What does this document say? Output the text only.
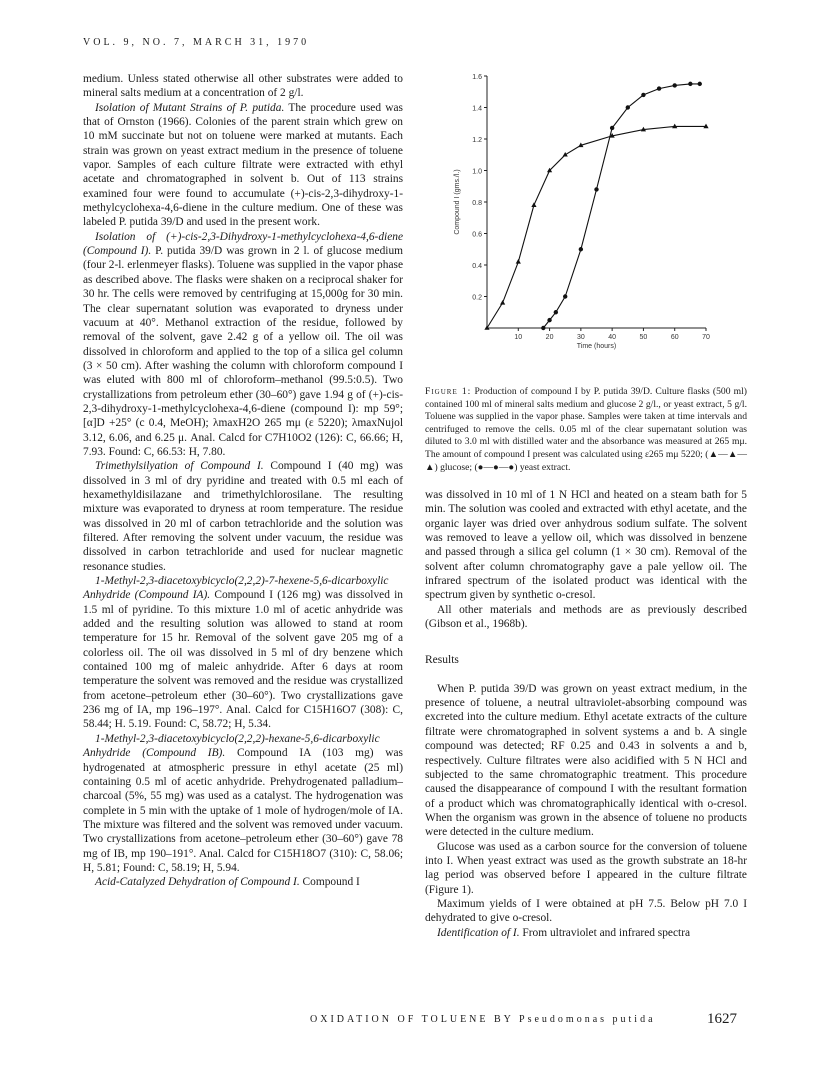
VOL. 9, NO. 7, MARCH 31, 1970

medium. Unless stated otherwise all other substrates were added to mineral salts medium at a concentration of 2 g/l.

Isolation of Mutant Strains of P. putida. The procedure used was that of Ornston (1966). Colonies of the parent strain which grew on 10 mM succinate but not on toluene were marked at mutants. Each strain was grown on yeast extract medium in the presence of toluene vapor. Samples of each culture filtrate were extracted with ethyl acetate and chromatographed in solvent b. Out of 113 strains examined four were found to accumulate (+)-cis-2,3-dihydroxy-1-methylcyclohexa-4,6-diene in the culture medium. One of these was labeled P. putida 39/D and used in the present work.

Isolation of (+)-cis-2,3-Dihydroxy-1-methylcyclohexa-4,6-diene (Compound I). P. putida 39/D was grown in 2 l. of glucose medium (four 2-l. erlenmeyer flasks). Toluene was supplied in the vapor phase as described above. The flasks were shaken on a reciprocal shaker for 30 hr. The cells were removed by centrifuging at 15,000g for 30 min. The clear supernatant solution was evaporated to dryness under vacuum at 40°. Methanol extraction of the residue, followed by removal of the solvent, gave 2.42 g of a yellow oil. The oil was dissolved in chloroform and applied to the top of a silica gel column (3 × 50 cm). After washing the column with chloroform compound I was eluted with 800 ml of chloroform–methanol (99.5:0.5). Two crystallizations from petroleum ether (30–60°) gave 1.94 g of (+)-cis-2,3-dihydroxy-1-methylcyclohexa-4,6-diene (compound I): mp 59°; [α]D +25° (c 0.4, MeOH); λmaxH2O 265 mμ (ε 5220); λmaxNujol 3.12, 6.06, and 6.25 μ. Anal. Calcd for C7H10O2 (126): C, 66.66; H, 7.93. Found: C, 66.53: H, 7.80.

Trimethylsilyation of Compound I. Compound I (40 mg) was dissolved in 3 ml of dry pyridine and treated with 0.5 ml each of hexamethyldisilazane and trimethylchlorosilane. The resulting mixture was evaporated to dryness at room temperature. The residue was dissolved in 20 ml of carbon tetrachloride and the solution was filtered. After removing the solvent under vacuum, the residue was dissolved in carbon tetrachloride and used for nuclear magnetic resonance studies.

1-Methyl-2,3-diacetoxybicyclo(2,2,2)-7-hexene-5,6-dicarboxylic Anhydride (Compound IA). Compound I (126 mg) was dissolved in 1.5 ml of pyridine. To this mixture 1.0 ml of acetic anhydride was added and the resulting solution was allowed to stand at room temperature for 15 hr. Removal of the solvent gave 205 mg of a colorless oil. The oil was dissolved in 5 ml of dry benzene which contained 100 mg of maleic anhydride. After 6 days at room temperature the solvent was removed and the residue was crystallized from acetone–petroleum ether (30–60°). Two crystallizations gave 236 mg of IA, mp 196–197°. Anal. Calcd for C15H16O7 (308): C, 58.44; H. 5.19. Found: C, 58.72; H, 5.34.

1-Methyl-2,3-diacetoxybicyclo(2,2,2)-hexane-5,6-dicarboxylic Anhydride (Compound IB). Compound IA (103 mg) was hydrogenated at atmospheric pressure in ethyl acetate (25 ml) containing 0.5 ml of acetic anhydride. Prehydrogenated palladium–charcoal (5%, 55 mg) was used as a catalyst. The hydrogenation was complete in 5 min with the uptake of 1 mole of hydrogen/mole of IA. The mixture was filtered and the solvent was removed under vacuum. Two crystallizations from acetone–petroleum ether (30–60°) gave 78 mg of IB, mp 190–191°. Anal. Calcd for C15H18O7 (310): C, 58.06; H, 5.81; Found: C, 58.19; H, 5.94.

Acid-Catalyzed Dehydration of Compound I. Compound I

0.2
0.4
0.6
0.8
1.0
1.2
1.4
1.6
10	20	30	40	50	60	70
Time (hours)
Compound I (gms./l.)
Figure 1: Production of compound I by P. putida 39/D. Culture flasks (500 ml) contained 100 ml of mineral salts medium and glucose 2 g/l., or yeast extract, 5 g/l. Toluene was supplied in the vapor phase. Samples were taken at time intervals and centrifuged to remove the cells. 0.05 ml of the clear supernatant solution was diluted to 3.0 ml with distilled water and the absorbance was measured at 265 mμ. The amount of compound I present was calculated using ε265 mμ 5220; (▲—▲—▲) glucose; (●—●—●) yeast extract.

was dissolved in 10 ml of 1 N HCl and heated on a steam bath for 5 min. The solution was cooled and extracted with ethyl acetate, and the organic layer was dried over anhydrous sodium sulfate. The solvent was removed to leave a yellow oil, which was dissolved in benzene and passed through a silica gel column (1 × 30 cm). Removal of the solvent after column chromatography gave a pale yellow oil. The infrared spectrum of the isolated product was identical with the spectrum given by synthetic o-cresol.

All other materials and methods are as previously described (Gibson et al., 1968b).

Results

When P. putida 39/D was grown on yeast extract medium, in the presence of toluene, a neutral ultraviolet-absorbing compound was excreted into the culture medium. Ethyl acetate extracts of the culture filtrate were chromatographed in solvent systems a and b. A single compound was detected; RF 0.25 and 0.43 in solvents a and b, respectively. Culture filtrates were also acidified with 5 N HCl and subjected to the same chromatographic treatment. This procedure caused the disappearance of compound I with the resultant formation of a product which was chromatographically identical with o-cresol. When the organism was grown in the absence of toluene no products were detected in the culture medium.

Glucose was used as a carbon source for the conversion of toluene into I. When yeast extract was used as the growth substrate an 18-hr lag period was observed before I appeared in the culture filtrate (Figure 1).

Maximum yields of I were obtained at pH 7.5. Below pH 7.0 I dehydrated to give o-cresol.

Identification of I. From ultraviolet and infrared spectra

OXIDATION OF TOLUENE BY Pseudomonas putida	1627
